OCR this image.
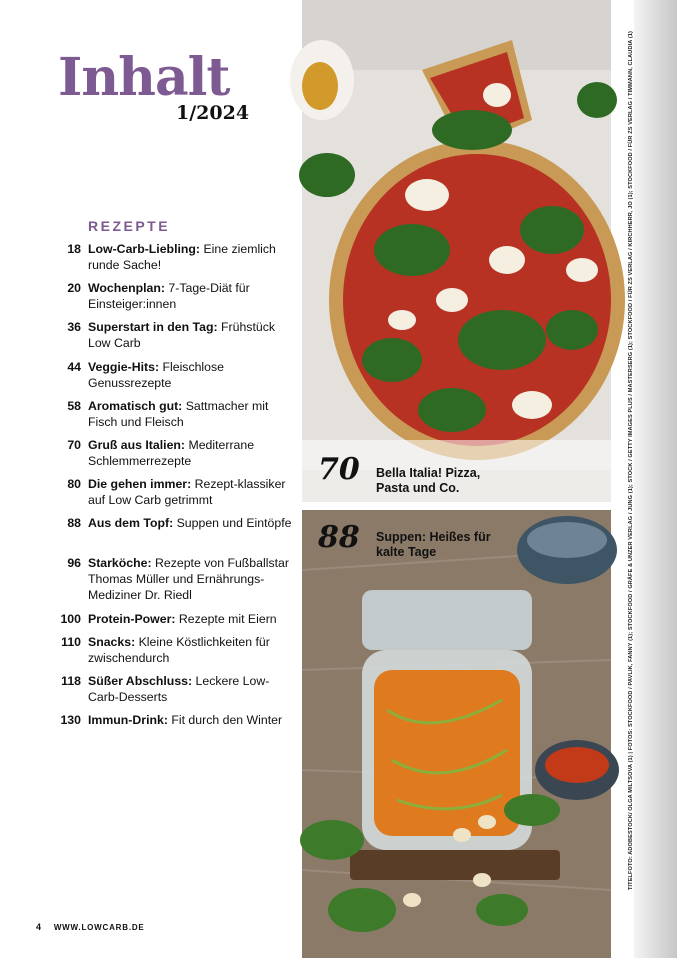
Inhalt
1/2024
REZEPTE
18 Low-Carb-Liebling: Eine ziemlich runde Sache!
20 Wochenplan: 7-Tage-Diät für Einsteiger:innen
36 Superstart in den Tag: Frühstück Low Carb
44 Veggie-Hits: Fleischlose Genussrezepte
58 Aromatisch gut: Sattmacher mit Fisch und Fleisch
70 Gruß aus Italien: Mediterrane Schlemmerrezepte
80 Die gehen immer: Rezept-klassiker auf Low Carb getrimmt
88 Aus dem Topf: Suppen und Eintöpfe
96 Starköche: Rezepte von Fußballstar Thomas Müller und Ernährungs-Mediziner Dr. Riedl
100 Protein-Power: Rezepte mit Eiern
110 Snacks: Kleine Köstlichkeiten für zwischendurch
118 Süßer Abschluss: Leckere Low-Carb-Desserts
130 Immun-Drink: Fit durch den Winter
4 WWW.LOWCARB.DE
70 Bella Italia! Pizza, Pasta und Co.
88 Suppen: Heißes für kalte Tage	TITELFOTO: ADOBESTOCK/ OLGA MILTSOVA (1) | FOTOS: STOCKFOOD / PAVLIK, FANNY (1); STOCKFOOD / GRÄFE & UNZER VERLAG / JUNG (1); STOCK / GETTY IMAGES PLUS / MASTERSERG (1); STOCKFOOD / FÜR ZS VERLAG / KIRCHHERR, JO (1); STOCKFOOD / FÜR ZS VERLAG / TIMMANN, CLAUDIA (1)
